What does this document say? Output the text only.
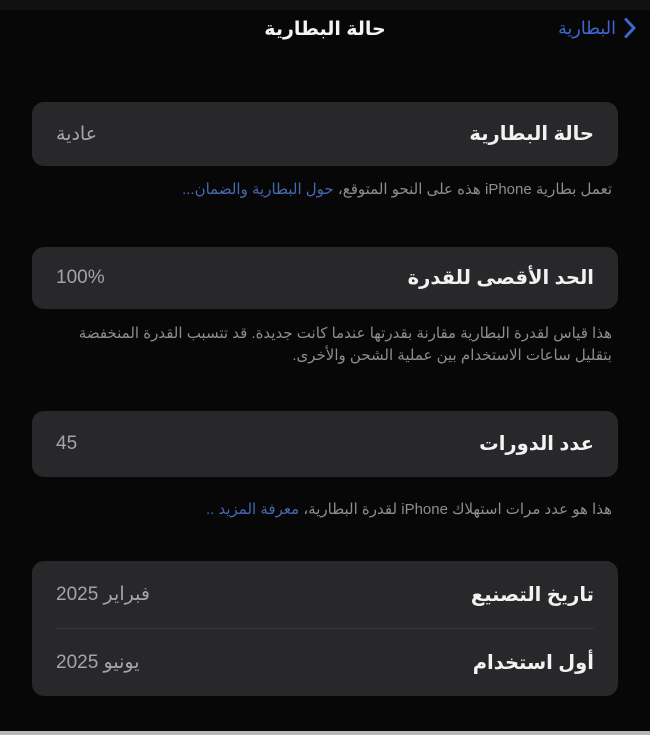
حالة البطارية	البطارية
حالة البطارية
عادية

تعمل بطارية iPhone هذه على النحو المتوقع، حول البطارية والضمان...

الحد الأقصى للقدرة
100%

هذا قياس لقدرة البطارية مقارنة بقدرتها عندما كانت جديدة. قد تتسبب القدرة المنخفضة بتقليل ساعات الاستخدام بين عملية الشحن والأخرى.

عدد الدورات
45

هذا هو عدد مرات استهلاك iPhone لقدرة البطارية، معرفة المزيد ..

تاريخ التصنيع
فبراير 2025
أول استخدام
يونيو 2025
